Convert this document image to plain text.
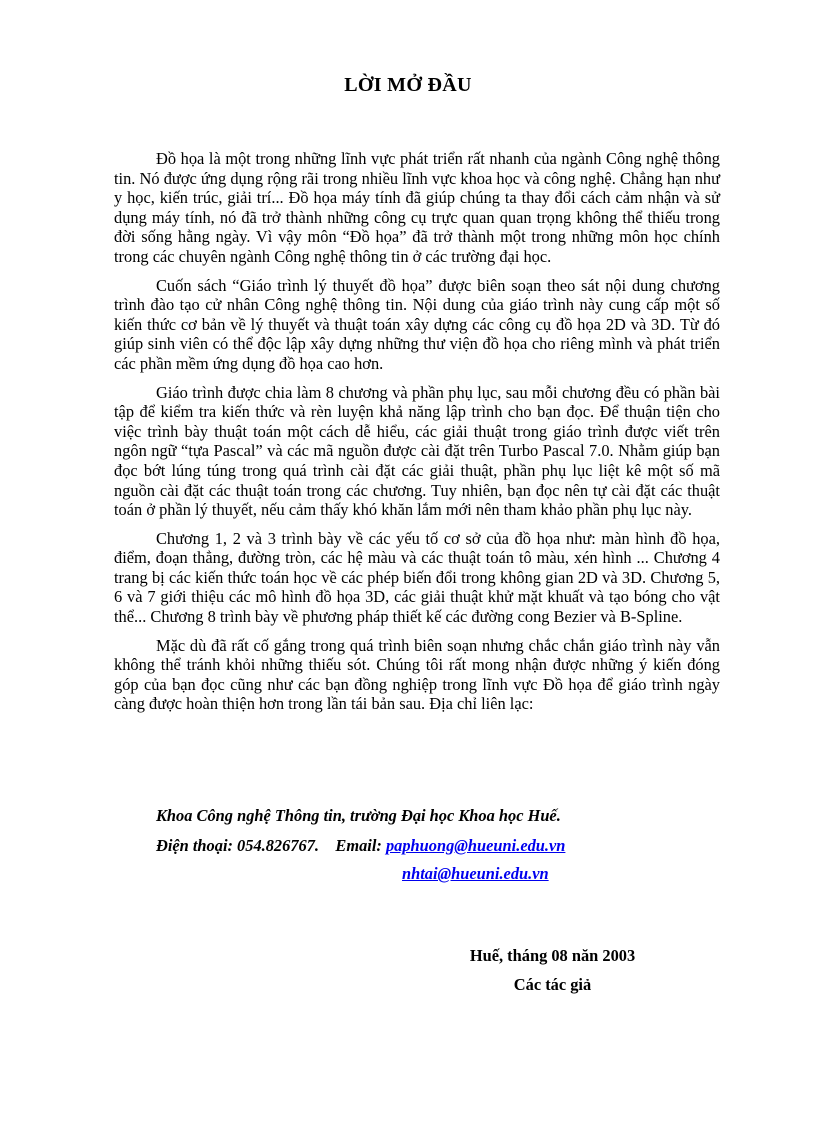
LỜI MỞ ĐẦU

Đồ họa là một trong những lĩnh vực phát triển rất nhanh của ngành Công nghệ thông tin. Nó được ứng dụng rộng rãi trong nhiều lĩnh vực khoa học và công nghệ. Chẳng hạn như y học, kiến trúc, giải trí... Đồ họa máy tính đã giúp chúng ta thay đổi cách cảm nhận và sử dụng máy tính, nó đã trở thành những công cụ trực quan quan trọng không thể thiếu trong đời sống hằng ngày. Vì vậy môn “Đồ họa” đã trở thành một trong những môn học chính trong các chuyên ngành Công nghệ thông tin ở các trường đại học.

Cuốn sách “Giáo trình lý thuyết đồ họa” được biên soạn theo sát nội dung chương trình đào tạo cử nhân Công nghệ thông tin. Nội dung của giáo trình này cung cấp một số kiến thức cơ bản về lý thuyết và thuật toán xây dựng các công cụ đồ họa 2D và 3D. Từ đó giúp sinh viên có thể độc lập xây dựng những thư viện đồ họa cho riêng mình và phát triển các phần mềm ứng dụng đồ họa cao hơn.

Giáo trình được chia làm 8 chương và phần phụ lục, sau mỗi chương đều có phần bài tập để kiểm tra kiến thức và rèn luyện khả năng lập trình cho bạn đọc. Để thuận tiện cho việc trình bày thuật toán một cách dễ hiểu, các giải thuật trong giáo trình được viết trên ngôn ngữ “tựa Pascal” và các mã nguồn được cài đặt trên Turbo Pascal 7.0. Nhằm giúp bạn đọc bớt lúng túng trong quá trình cài đặt các giải thuật, phần phụ lục liệt kê một số mã nguồn cài đặt các thuật toán trong các chương. Tuy nhiên, bạn đọc nên tự cài đặt các thuật toán ở phần lý thuyết, nếu cảm thấy khó khăn lắm mới nên tham khảo phần phụ lục này.

Chương 1, 2 và 3 trình bày về các yếu tố cơ sở của đồ họa như: màn hình đồ họa, điểm, đoạn thẳng, đường tròn, các hệ màu và các thuật toán tô màu, xén hình ... Chương 4 trang bị các kiến thức toán học về các phép biến đổi trong không gian 2D và 3D. Chương 5, 6 và 7 giới thiệu các mô hình đồ họa 3D, các giải thuật khử mặt khuất và tạo bóng cho vật thể... Chương 8 trình bày về phương pháp thiết kế các đường cong Bezier và B-Spline.

Mặc dù đã rất cố gắng trong quá trình biên soạn nhưng chắc chắn giáo trình này vẫn không thể tránh khỏi những thiếu sót. Chúng tôi rất mong nhận được những ý kiến đóng góp của bạn đọc cũng như các bạn đồng nghiệp trong lĩnh vực Đồ họa để giáo trình ngày càng được hoàn thiện hơn trong lần tái bản sau. Địa chỉ liên lạc:

Khoa Công nghệ Thông tin, trường Đại học Khoa học Huế.
Điện thoại: 054.826767. Email: paphuong@hueuni.edu.vn
nhtai@hueuni.edu.vn
Huế, tháng 08 năn 2003
Các tác giả
